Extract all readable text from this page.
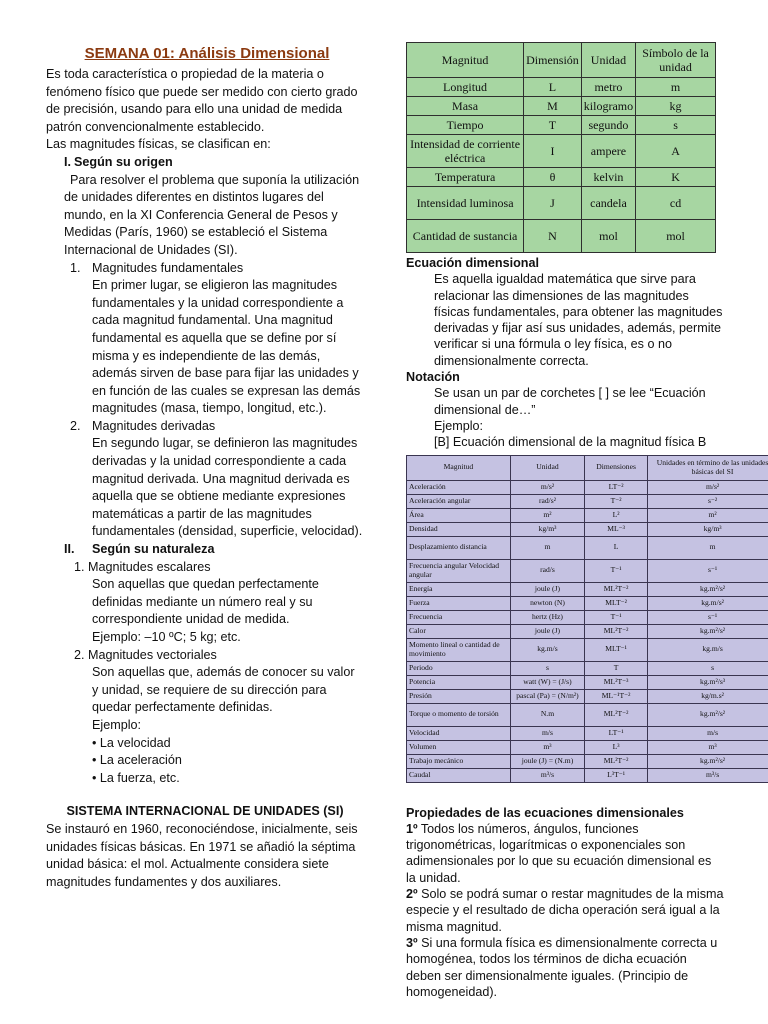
SEMANA 01: Análisis Dimensional

Es toda característica o propiedad de la materia o fenómeno físico que puede ser medido con cierto grado de precisión, usando para ello una unidad de medida patrón convencionalmente establecido.

Las magnitudes físicas, se clasifican en:

I. Según su origen

Para resolver el problema que suponía la utilización de unidades diferentes en distintos lugares del mundo, en la XI Conferencia General de Pesos y Medidas (París, 1960) se estableció el Sistema Internacional de Unidades (SI).

1. Magnitudes fundamentales

En primer lugar, se eligieron las magnitudes fundamentales y la unidad correspondiente a cada magnitud fundamental. Una magnitud fundamental es aquella que se define por sí misma y es independiente de las demás, además sirven de base para fijar las unidades y en función de las cuales se expresan las demás magnitudes (masa, tiempo, longitud, etc.).

2. Magnitudes derivadas

En segundo lugar, se definieron las magnitudes derivadas y la unidad correspondiente a cada magnitud derivada. Una magnitud derivada es aquella que se obtiene mediante expresiones matemáticas a partir de las magnitudes fundamentales (densidad, superficie, velocidad).

II. Según su naturaleza

1. Magnitudes escalares

Son aquellas que quedan perfectamente definidas mediante un número real y su correspondiente unidad de medida.

Ejemplo: –10 ºC; 5 kg; etc.

2. Magnitudes vectoriales

Son aquellas que, además de conocer su valor y unidad, se requiere de su dirección para quedar perfectamente definidas.

Ejemplo:

• La velocidad

• La aceleración

• La fuerza, etc.

SISTEMA INTERNACIONAL DE UNIDADES (SI)

Se instauró en 1960, reconociéndose, inicialmente, seis unidades físicas básicas. En 1971 se añadió la séptima unidad básica: el mol. Actualmente considera siete magnitudes fundamentes y dos auxiliares.

Magnitud	Dimensión	Unidad	Símbolo de la unidad
Longitud	L	metro	m
Masa	M	kilogramo	kg
Tiempo	T	segundo	s
Intensidad de corriente eléctrica	I	ampere	A
Temperatura	θ	kelvin	K
Intensidad luminosa	J	candela	cd
Cantidad de sustancia	N	mol	mol

Ecuación dimensional

Es aquella igualdad matemática que sirve para relacionar las dimensiones de las magnitudes físicas fundamentales, para obtener las magnitudes derivadas y fijar así sus unidades, además, permite verificar si una fórmula o ley física, es o no dimensionalmente correcta.

Notación

Se usan un par de corchetes [ ] se lee “Ecuación dimensional de…”

Ejemplo:

[B] Ecuación dimensional de la magnitud física B

Magnitud	Unidad	Dimensiones	Unidades en término de las unidades básicas del SI
Aceleración	m/s²	LT⁻²	m/s²
Aceleración angular	rad/s²	T⁻²	s⁻²
Área	m²	L²	m²
Densidad	kg/m³	ML⁻³	kg/m³
Desplazamiento distancia	m	L	m
Frecuencia angular Velocidad angular	rad/s	T⁻¹	s⁻¹
Energía	joule (J)	ML²T⁻²	kg.m²/s²
Fuerza	newton (N)	MLT⁻²	kg.m/s²
Frecuencia	hertz (Hz)	T⁻¹	s⁻¹
Calor	joule (J)	ML²T⁻²	kg.m²/s²
Momento lineal o cantidad de movimiento	kg.m/s	MLT⁻¹	kg.m/s
Periodo	s	T	s
Potencia	watt (W) = (J/s)	ML²T⁻³	kg.m²/s³
Presión	pascal (Pa) = (N/m²)	ML⁻¹T⁻²	kg/m.s²
Torque o momento de torsión	N.m	ML²T⁻²	kg.m²/s²
Velocidad	m/s	LT⁻¹	m/s
Volumen	m³	L³	m³
Trabajo mecánico	joule (J) = (N.m)	ML²T⁻²	kg.m²/s²
Caudal	m³/s	L³T⁻¹	m³/s

Propiedades de las ecuaciones dimensionales

1º Todos los números, ángulos, funciones trigonométricas, logarítmicas o exponenciales son adimensionales por lo que su ecuación dimensional es la unidad.

2º Solo se podrá sumar o restar magnitudes de la misma especie y el resultado de dicha operación será igual a la misma magnitud.

3º Si una formula física es dimensionalmente correcta u homogénea, todos los términos de dicha ecuación deben ser dimensionalmente iguales. (Principio de homogeneidad).
